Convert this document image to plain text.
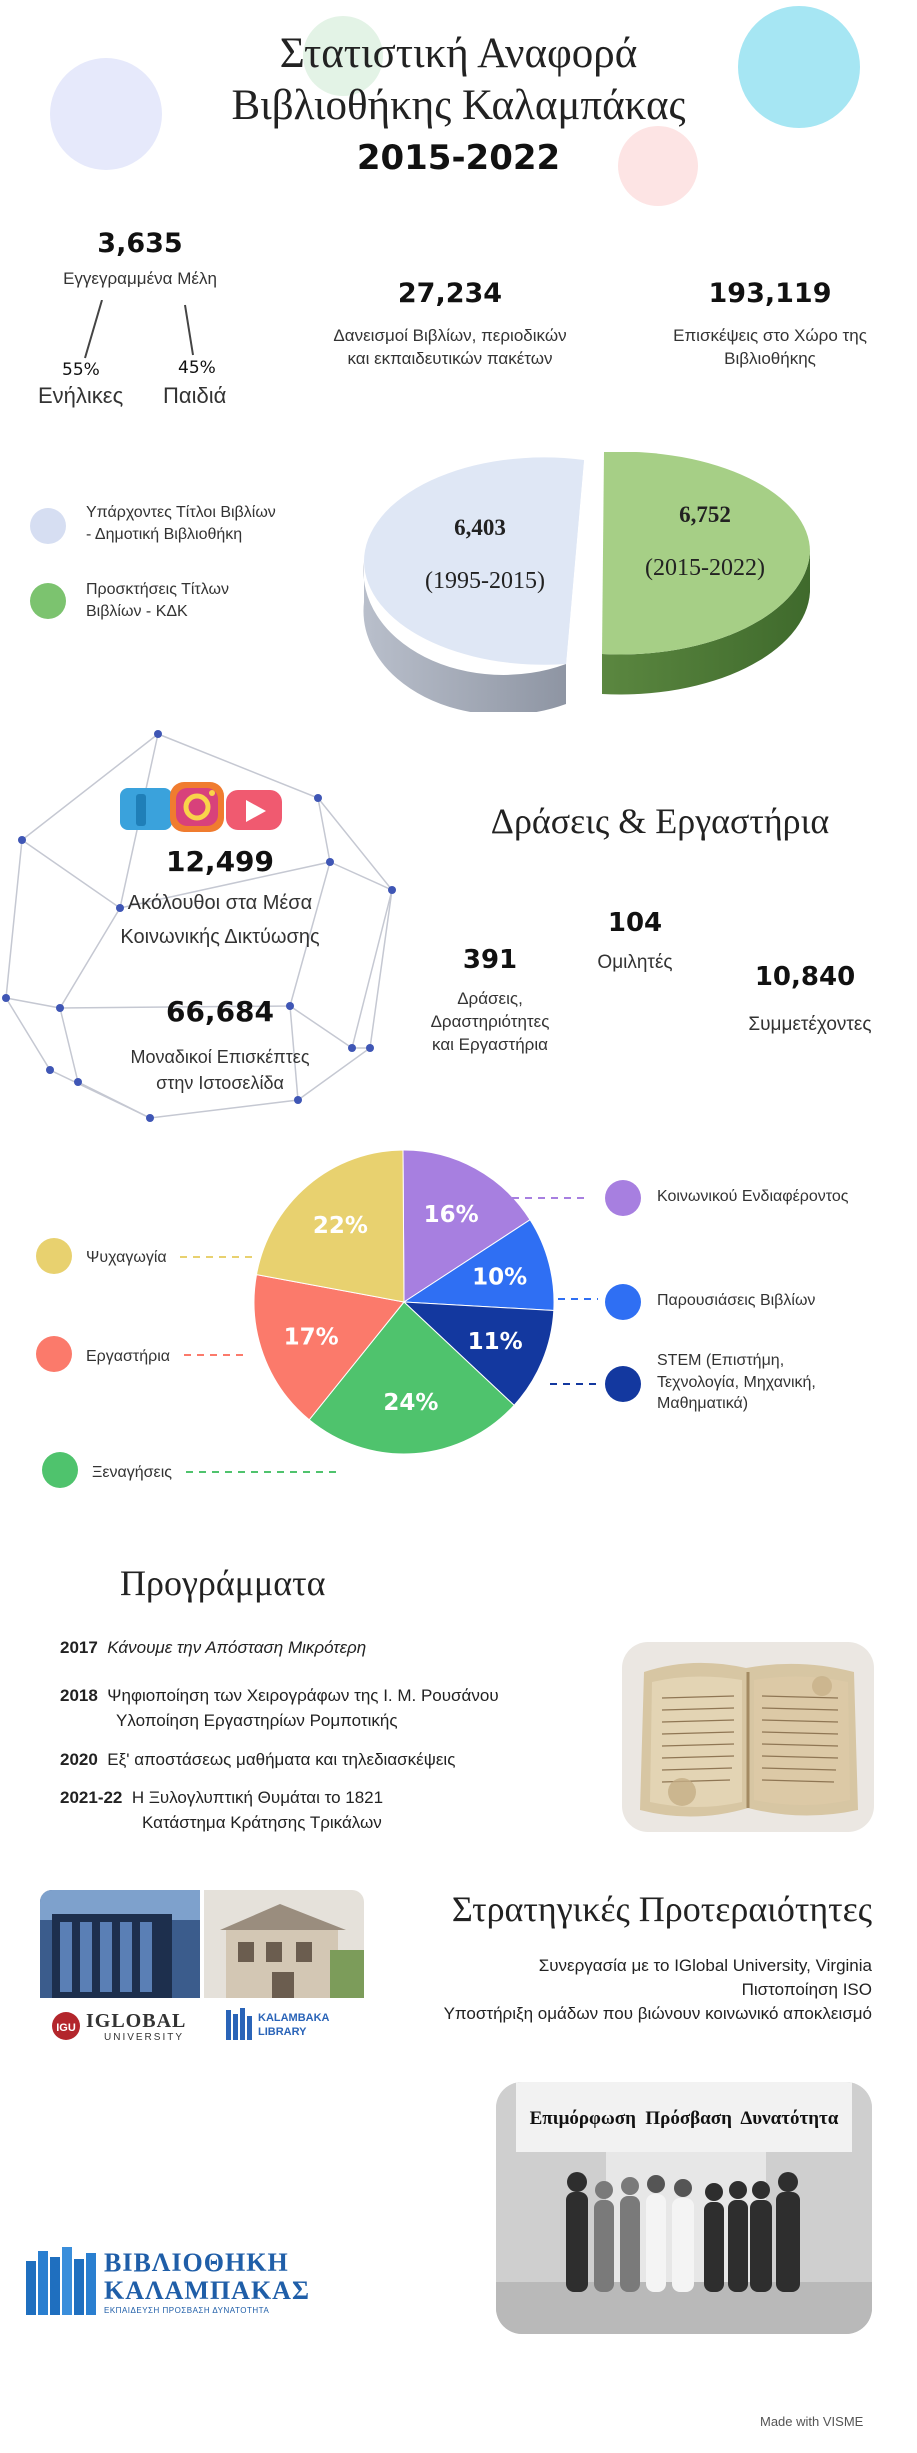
Στατιστική Αναφορά
Βιβλιοθήκης Καλαμπάκας
2015-2022
3,635
Εγγεγραμμένα Μέλη
55%
Ενήλικες
45%
Παιδιά
27,234
Δανεισμοί Βιβλίων, περιοδικών
και εκπαιδευτικών πακέτων
193,119
Επισκέψεις στο Χώρο της
Βιβλιοθήκης
Υπάρχοντες Τίτλοι Βιβλίων
- Δημοτική Βιβλιοθήκη
Προσκτήσεις Τίτλων
Βιβλίων - ΚΔΚ
6,403
(1995-2015)
6,752
(2015-2022)
12,499
Ακόλουθοι στα Μέσα
Κοινωνικής Δικτύωσης
66,684
Μοναδικοί Επισκέπτες
στην Ιστοσελίδα
Δράσεις & Εργαστήρια
104
Ομιλητές
391
Δράσεις,
Δραστηριότητες
και Εργαστήρια
10,840
Συμμετέχοντες
16%
10%
11%
24%
17%
22%
Κοινωνικού Ενδιαφέροντος
Παρουσιάσεις Βιβλίων
STEM (Επιστήμη,
Τεχνολογία, Μηχανική,
Μαθηματικά)
Ψυχαγωγία
Εργαστήρια
Ξεναγήσεις
Προγράμματα
2017 Κάνουμε την Απόσταση Μικρότερη
2018 Ψηφιοποίηση των Χειρογράφων της Ι. Μ. Ρουσάνου
Υλοποίηση Εργαστηρίων Ρομποτικής
2020 Εξ' αποστάσεως μαθήματα και τηλεδιασκέψεις
2021-22 Η Ξυλογλυπτική Θυμάται το 1821
Κατάστημα Κράτησης Τρικάλων
IGU IGLOBAL
UNIVERSITY
KALAMBAKA
LIBRARY
Στρατηγικές Προτεραιότητες
Συνεργασία με το IGlobal University, Virginia
Πιστοποίηση ISO
Υποστήριξη ομάδων που βιώνουν κοινωνικό αποκλεισμό
Επιμόρφωση  Πρόσβαση  Δυνατότητα
ΒΙΒΛΙΟΘΗΚΗ
ΚΑΛΑΜΠΑΚΑΣ
ΕΚΠΑΙΔΕΥΣΗ ΠΡΟΣΒΑΣΗ ΔΥΝΑΤΟΤΗΤΑ
Made with VISME
